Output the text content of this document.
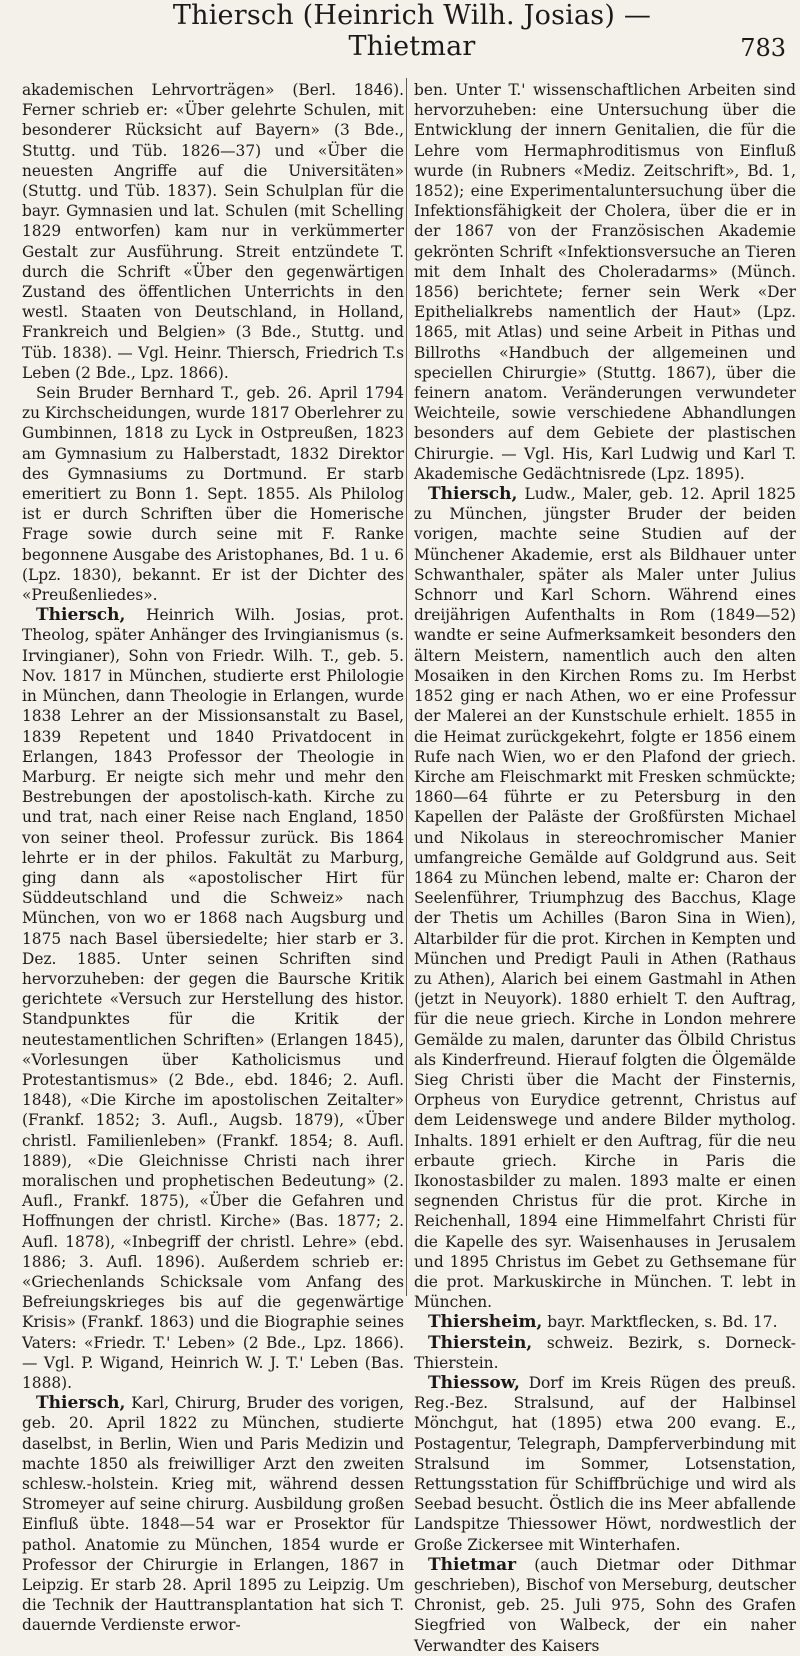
Thiersch (Heinrich Wilh. Josias) — Thietmar	783

akademischen Lehrvorträgen» (Berl. 1846). Ferner schrieb er: «Über gelehrte Schulen, mit besonderer Rücksicht auf Bayern» (3 Bde., Stuttg. und Tüb. 1826—37) und «Über die neuesten Angriffe auf die Universitäten» (Stuttg. und Tüb. 1837). Sein Schulplan für die bayr. Gymnasien und lat. Schulen (mit Schelling 1829 entworfen) kam nur in verkümmerter Gestalt zur Ausführung. Streit entzündete T. durch die Schrift «Über den gegenwärtigen Zustand des öffentlichen Unterrichts in den westl. Staaten von Deutschland, in Holland, Frankreich und Belgien» (3 Bde., Stuttg. und Tüb. 1838). — Vgl. Heinr. Thiersch, Friedrich T.s Leben (2 Bde., Lpz. 1866).

Sein Bruder Bernhard T., geb. 26. April 1794 zu Kirchscheidungen, wurde 1817 Oberlehrer zu Gumbinnen, 1818 zu Lyck in Ostpreußen, 1823 am Gymnasium zu Halberstadt, 1832 Direktor des Gymnasiums zu Dortmund. Er starb emeritiert zu Bonn 1. Sept. 1855. Als Philolog ist er durch Schriften über die Homerische Frage sowie durch seine mit F. Ranke begonnene Ausgabe des Aristophanes, Bd. 1 u. 6 (Lpz. 1830), bekannt. Er ist der Dichter des «Preußenliedes».

Thiersch, Heinrich Wilh. Josias, prot. Theolog, später Anhänger des Irvingianismus (s. Irvingianer), Sohn von Friedr. Wilh. T., geb. 5. Nov. 1817 in München, studierte erst Philologie in München, dann Theologie in Erlangen, wurde 1838 Lehrer an der Missionsanstalt zu Basel, 1839 Repetent und 1840 Privatdocent in Erlangen, 1843 Professor der Theologie in Marburg. Er neigte sich mehr und mehr den Bestrebungen der apostolisch-kath. Kirche zu und trat, nach einer Reise nach England, 1850 von seiner theol. Professur zurück. Bis 1864 lehrte er in der philos. Fakultät zu Marburg, ging dann als «apostolischer Hirt für Süddeutschland und die Schweiz» nach München, von wo er 1868 nach Augsburg und 1875 nach Basel übersiedelte; hier starb er 3. Dez. 1885. Unter seinen Schriften sind hervorzuheben: der gegen die Baursche Kritik gerichtete «Versuch zur Herstellung des histor. Standpunktes für die Kritik der neutestamentlichen Schriften» (Erlangen 1845), «Vorlesungen über Katholicismus und Protestantismus» (2 Bde., ebd. 1846; 2. Aufl. 1848), «Die Kirche im apostolischen Zeitalter» (Frankf. 1852; 3. Aufl., Augsb. 1879), «Über christl. Familienleben» (Frankf. 1854; 8. Aufl. 1889), «Die Gleichnisse Christi nach ihrer moralischen und prophetischen Bedeutung» (2. Aufl., Frankf. 1875), «Über die Gefahren und Hoffnungen der christl. Kirche» (Bas. 1877; 2. Aufl. 1878), «Inbegriff der christl. Lehre» (ebd. 1886; 3. Aufl. 1896). Außerdem schrieb er: «Griechenlands Schicksale vom Anfang des Befreiungskrieges bis auf die gegenwärtige Krisis» (Frankf. 1863) und die Biographie seines Vaters: «Friedr. T.' Leben» (2 Bde., Lpz. 1866). — Vgl. P. Wigand, Heinrich W. J. T.' Leben (Bas. 1888).

Thiersch, Karl, Chirurg, Bruder des vorigen, geb. 20. April 1822 zu München, studierte daselbst, in Berlin, Wien und Paris Medizin und machte 1850 als freiwilliger Arzt den zweiten schlesw.-holstein. Krieg mit, während dessen Stromeyer auf seine chirurg. Ausbildung großen Einfluß übte. 1848—54 war er Prosektor für pathol. Anatomie zu München, 1854 wurde er Professor der Chirurgie in Erlangen, 1867 in Leipzig. Er starb 28. April 1895 zu Leipzig. Um die Technik der Hauttransplantation hat sich T. dauernde Verdienste erwor-

ben. Unter T.' wissenschaftlichen Arbeiten sind hervorzuheben: eine Untersuchung über die Entwicklung der innern Genitalien, die für die Lehre vom Hermaphroditismus von Einfluß wurde (in Rubners «Mediz. Zeitschrift», Bd. 1, 1852); eine Experimentaluntersuchung über die Infektionsfähigkeit der Cholera, über die er in der 1867 von der Französischen Akademie gekrönten Schrift «Infektionsversuche an Tieren mit dem Inhalt des Choleradarms» (Münch. 1856) berichtete; ferner sein Werk «Der Epithelialkrebs namentlich der Haut» (Lpz. 1865, mit Atlas) und seine Arbeit in Pithas und Billroths «Handbuch der allgemeinen und speciellen Chirurgie» (Stuttg. 1867), über die feinern anatom. Veränderungen verwundeter Weichteile, sowie verschiedene Abhandlungen besonders auf dem Gebiete der plastischen Chirurgie. — Vgl. His, Karl Ludwig und Karl T. Akademische Gedächtnisrede (Lpz. 1895).

Thiersch, Ludw., Maler, geb. 12. April 1825 zu München, jüngster Bruder der beiden vorigen, machte seine Studien auf der Münchener Akademie, erst als Bildhauer unter Schwanthaler, später als Maler unter Julius Schnorr und Karl Schorn. Während eines dreijährigen Aufenthalts in Rom (1849—52) wandte er seine Aufmerksamkeit besonders den ältern Meistern, namentlich auch den alten Mosaiken in den Kirchen Roms zu. Im Herbst 1852 ging er nach Athen, wo er eine Professur der Malerei an der Kunstschule erhielt. 1855 in die Heimat zurückgekehrt, folgte er 1856 einem Rufe nach Wien, wo er den Plafond der griech. Kirche am Fleischmarkt mit Fresken schmückte; 1860—64 führte er zu Petersburg in den Kapellen der Paläste der Großfürsten Michael und Nikolaus in stereochromischer Manier umfangreiche Gemälde auf Goldgrund aus. Seit 1864 zu München lebend, malte er: Charon der Seelenführer, Triumphzug des Bacchus, Klage der Thetis um Achilles (Baron Sina in Wien), Altarbilder für die prot. Kirchen in Kempten und München und Predigt Pauli in Athen (Rathaus zu Athen), Alarich bei einem Gastmahl in Athen (jetzt in Neuyork). 1880 erhielt T. den Auftrag, für die neue griech. Kirche in London mehrere Gemälde zu malen, darunter das Ölbild Christus als Kinderfreund. Hierauf folgten die Ölgemälde Sieg Christi über die Macht der Finsternis, Orpheus von Eurydice getrennt, Christus auf dem Leidenswege und andere Bilder mytholog. Inhalts. 1891 erhielt er den Auftrag, für die neu erbaute griech. Kirche in Paris die Ikonostasbilder zu malen. 1893 malte er einen segnenden Christus für die prot. Kirche in Reichenhall, 1894 eine Himmelfahrt Christi für die Kapelle des syr. Waisenhauses in Jerusalem und 1895 Christus im Gebet zu Gethsemane für die prot. Markuskirche in München. T. lebt in München.

Thiersheim, bayr. Marktflecken, s. Bd. 17.

Thierstein, schweiz. Bezirk, s. Dorneck-Thierstein.

Thiessow, Dorf im Kreis Rügen des preuß. Reg.-Bez. Stralsund, auf der Halbinsel Mönchgut, hat (1895) etwa 200 evang. E., Postagentur, Telegraph, Dampferverbindung mit Stralsund im Sommer, Lotsenstation, Rettungsstation für Schiffbrüchige und wird als Seebad besucht. Östlich die ins Meer abfallende Landspitze Thiessower Höwt, nordwestlich der Große Zickersee mit Winterhafen.

Thietmar (auch Dietmar oder Dithmar geschrieben), Bischof von Merseburg, deutscher Chronist, geb. 25. Juli 975, Sohn des Grafen Siegfried von Walbeck, der ein naher Verwandter des Kaisers
